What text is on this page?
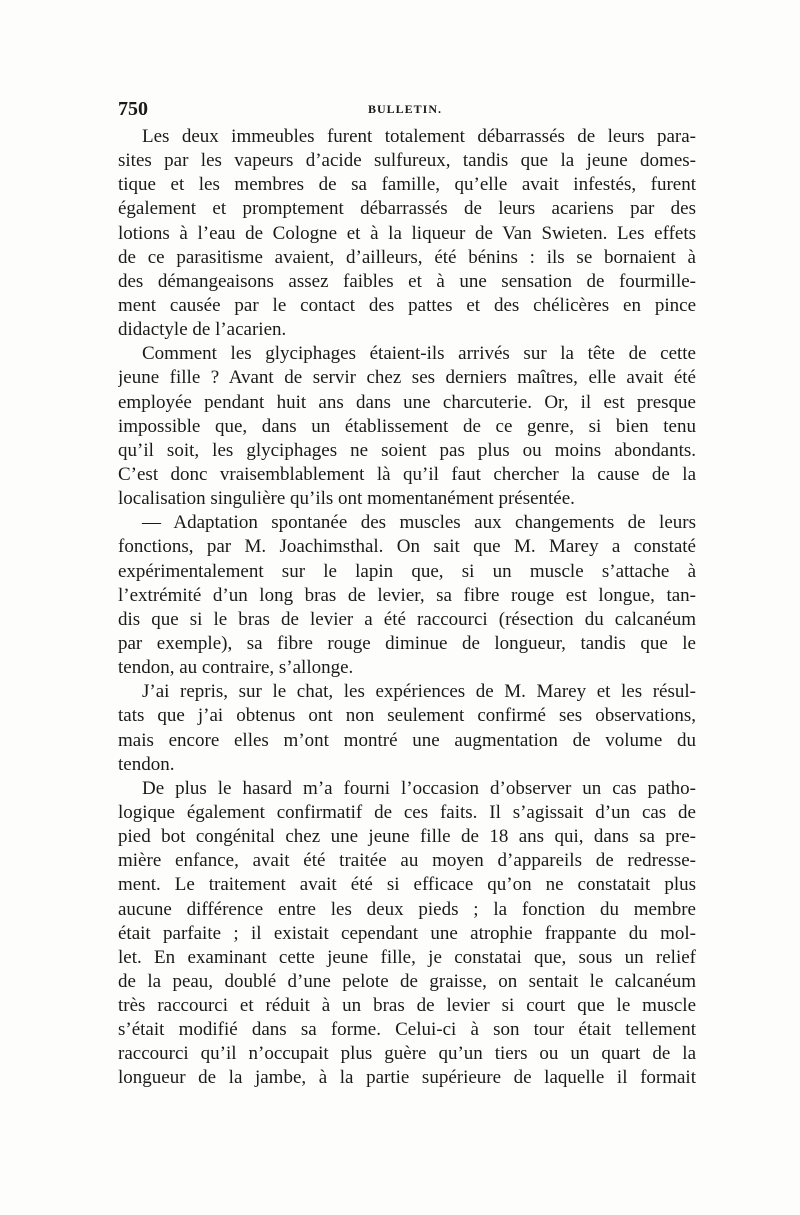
750	BULLETIN.
Les deux immeubles furent totalement débarrassés de leurs para-
sites par les vapeurs d’acide sulfureux, tandis que la jeune domes-
tique et les membres de sa famille, qu’elle avait infestés, furent
également et promptement débarrassés de leurs acariens par des
lotions à l’eau de Cologne et à la liqueur de Van Swieten. Les effets
de ce parasitisme avaient, d’ailleurs, été bénins : ils se bornaient à
des démangeaisons assez faibles et à une sensation de fourmille-
ment causée par le contact des pattes et des chélicères en pince
didactyle de l’acarien.
Comment les glyciphages étaient-ils arrivés sur la tête de cette
jeune fille ? Avant de servir chez ses derniers maîtres, elle avait été
employée pendant huit ans dans une charcuterie. Or, il est presque
impossible que, dans un établissement de ce genre, si bien tenu
qu’il soit, les glyciphages ne soient pas plus ou moins abondants.
C’est donc vraisemblablement là qu’il faut chercher la cause de la
localisation singulière qu’ils ont momentanément présentée.
— Adaptation spontanée des muscles aux changements de leurs
fonctions, par M. Joachimsthal. On sait que M. Marey a constaté
expérimentalement sur le lapin que, si un muscle s’attache à
l’extrémité d’un long bras de levier, sa fibre rouge est longue, tan-
dis que si le bras de levier a été raccourci (résection du calcanéum
par exemple), sa fibre rouge diminue de longueur, tandis que le
tendon, au contraire, s’allonge.
J’ai repris, sur le chat, les expériences de M. Marey et les résul-
tats que j’ai obtenus ont non seulement confirmé ses observations,
mais encore elles m’ont montré une augmentation de volume du
tendon.
De plus le hasard m’a fourni l’occasion d’observer un cas patho-
logique également confirmatif de ces faits. Il s’agissait d’un cas de
pied bot congénital chez une jeune fille de 18 ans qui, dans sa pre-
mière enfance, avait été traitée au moyen d’appareils de redresse-
ment. Le traitement avait été si efficace qu’on ne constatait plus
aucune différence entre les deux pieds ; la fonction du membre
était parfaite ; il existait cependant une atrophie frappante du mol-
let. En examinant cette jeune fille, je constatai que, sous un relief
de la peau, doublé d’une pelote de graisse, on sentait le calcanéum
très raccourci et réduit à un bras de levier si court que le muscle
s’était modifié dans sa forme. Celui-ci à son tour était tellement
raccourci qu’il n’occupait plus guère qu’un tiers ou un quart de la
longueur de la jambe, à la partie supérieure de laquelle il formait
